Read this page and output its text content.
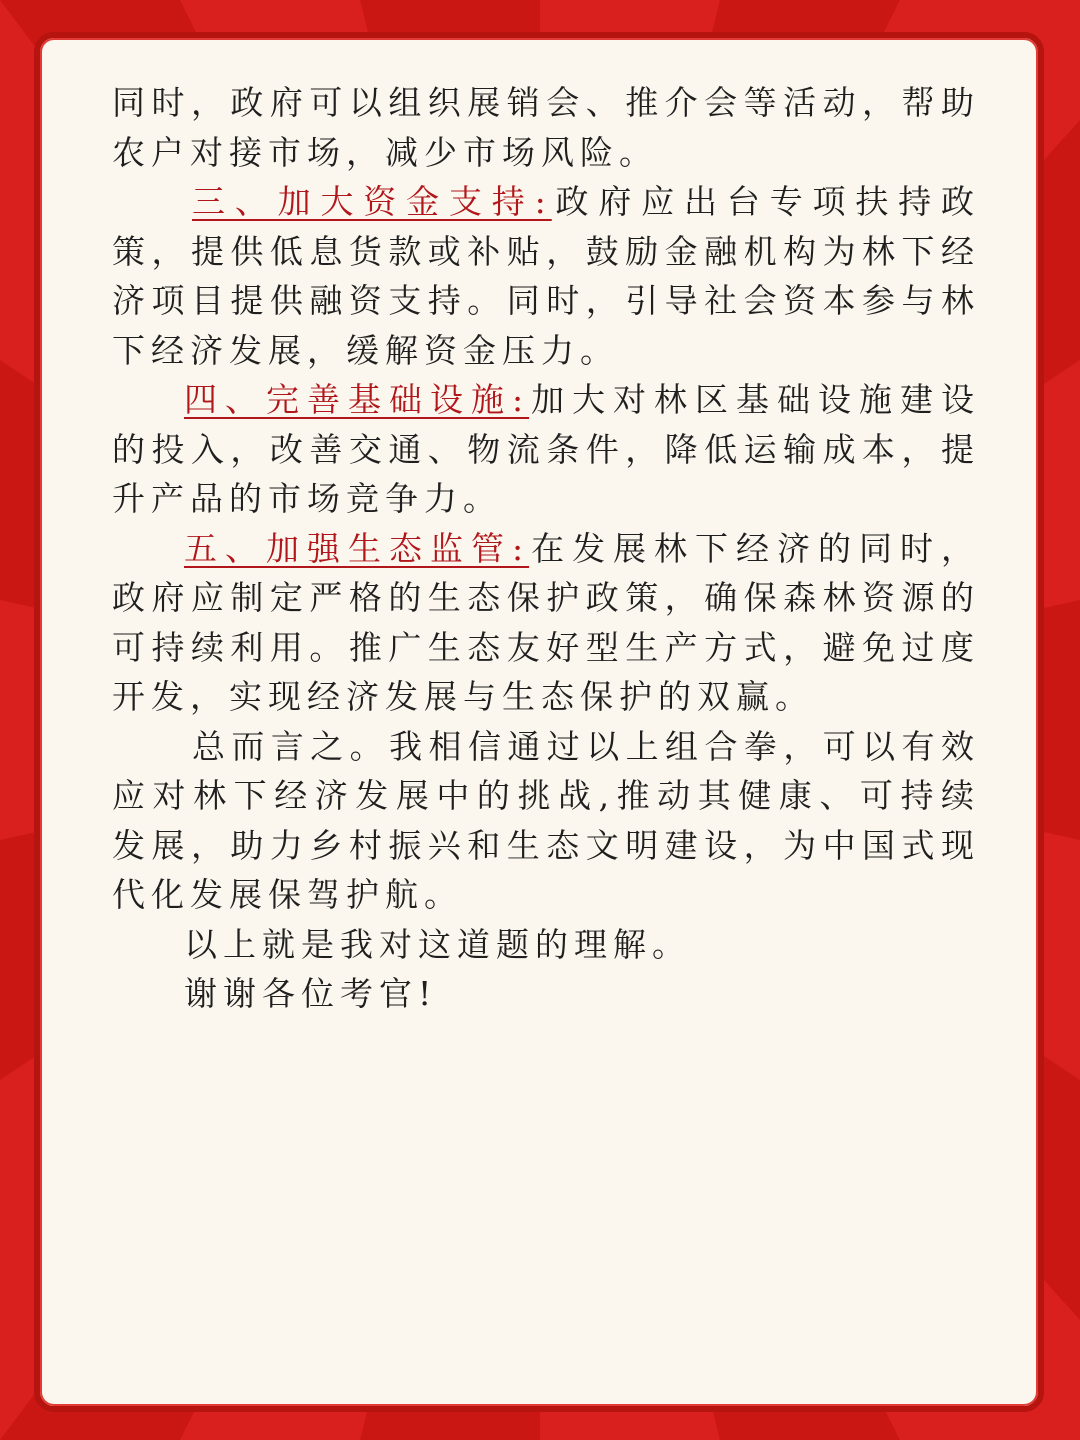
同时，政府可以组织展销会、推介会等活动，帮助农户对接市场，减少市场风险。

三、加大资金支持:政府应出台专项扶持政策，提供低息货款或补贴，鼓励金融机构为林下经济项目提供融资支持。同时，引导社会资本参与林下经济发展，缓解资金压力。

四、完善基础设施:加大对林区基础设施建设的投入，改善交通、物流条件，降低运输成本，提升产品的市场竞争力。

五、加强生态监管:在发展林下经济的同时，政府应制定严格的生态保护政策，确保森林资源的可持续利用。推广生态友好型生产方式，避免过度开发，实现经济发展与生态保护的双赢。

总而言之。我相信通过以上组合拳，可以有效应对林下经济发展中的挑战,推动其健康、可持续发展，助力乡村振兴和生态文明建设，为中国式现代化发展保驾护航。

以上就是我对这道题的理解。

谢谢各位考官!
